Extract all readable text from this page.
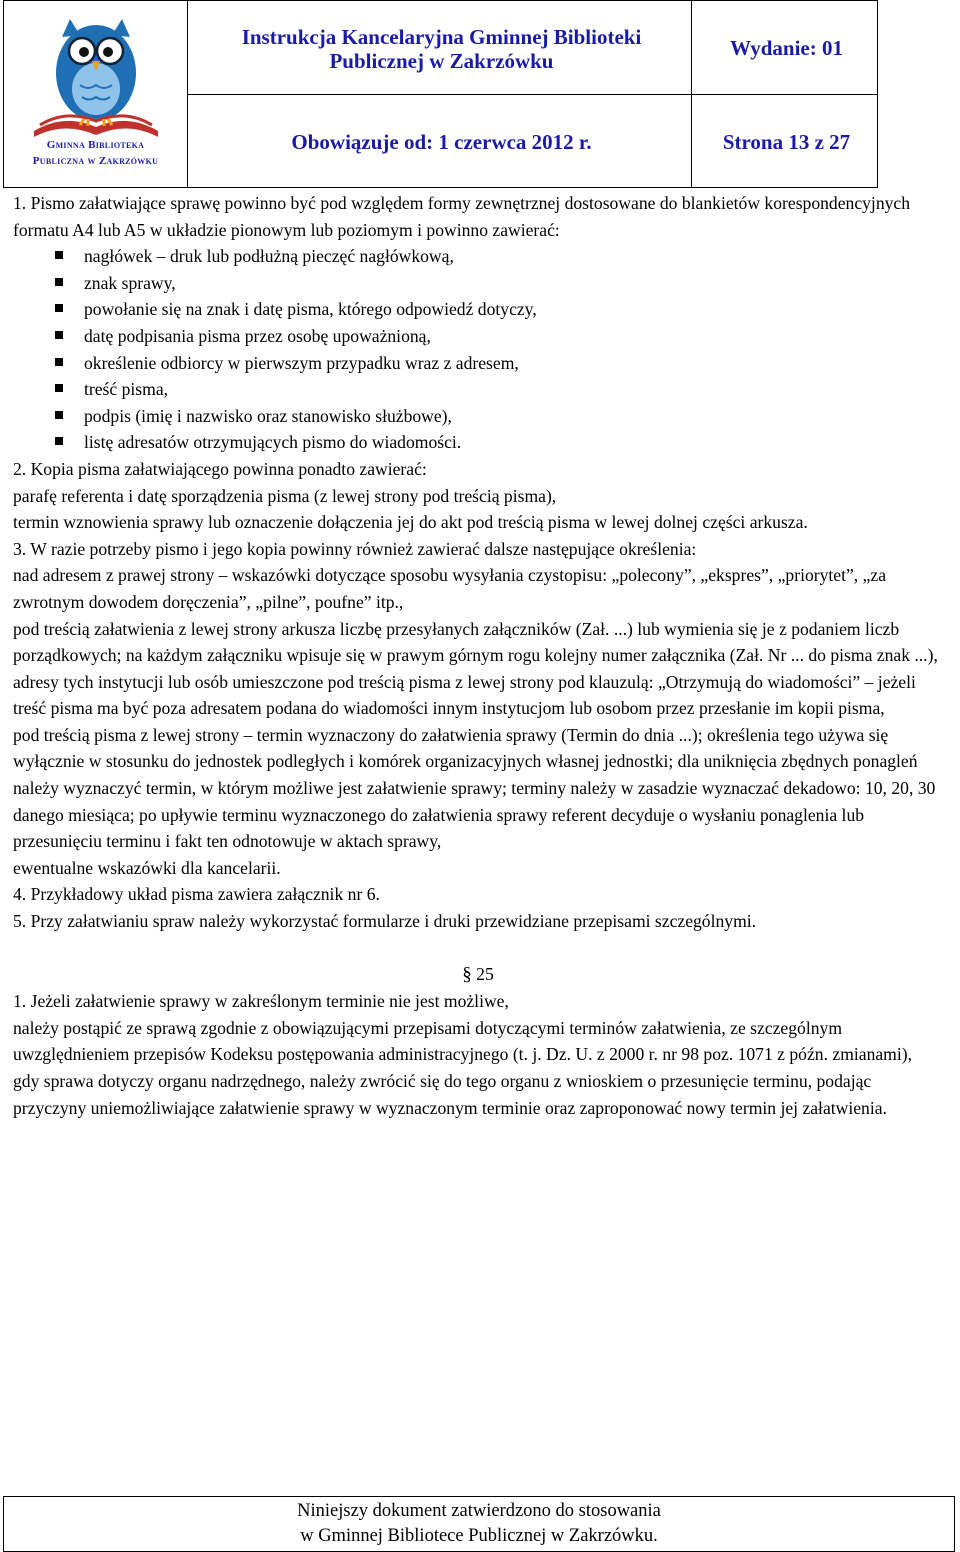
Gminna Biblioteka
Publiczna w Zakrzówku
Instrukcja Kancelaryjna Gminnej Biblioteki
Publicznej w Zakrzówku
Wydanie: 01
Obowiązuje od: 1 czerwca 2012 r.	Strona 13 z 27

1. Pismo załatwiające sprawę powinno być pod względem formy zewnętrznej dostosowane do blankietów korespondencyjnych formatu A4 lub A5 w układzie pionowym lub poziomym i powinno zawierać:

nagłówek – druk lub podłużną pieczęć nagłówkową,
znak sprawy,
powołanie się na znak i datę pisma, którego odpowiedź dotyczy,
datę podpisania pisma przez osobę upoważnioną,
określenie odbiorcy w pierwszym przypadku wraz z adresem,
treść pisma,
podpis (imię i nazwisko oraz stanowisko służbowe),
listę adresatów otrzymujących pismo do wiadomości.

2. Kopia pisma załatwiającego powinna ponadto zawierać:

parafę referenta i datę sporządzenia pisma (z lewej strony pod treścią pisma),

termin wznowienia sprawy lub oznaczenie dołączenia jej do akt pod treścią pisma w lewej dolnej części arkusza.

3. W razie potrzeby pismo i jego kopia powinny również zawierać dalsze następujące określenia:

nad adresem z prawej strony – wskazówki dotyczące sposobu wysyłania czystopisu: „polecony”, „ekspres”, „priorytet”, „za zwrotnym dowodem doręczenia”, „pilne”, poufne” itp.,

pod treścią załatwienia z lewej strony arkusza liczbę przesyłanych załączników (Zał. ...) lub wymienia się je z podaniem liczb porządkowych; na każdym załączniku wpisuje się w prawym górnym rogu kolejny numer załącznika (Zał. Nr ... do pisma znak ...),

adresy tych instytucji lub osób umieszczone pod treścią pisma z lewej strony pod klauzulą: „Otrzymują do wiadomości” – jeżeli treść pisma ma być poza adresatem podana do wiadomości innym instytucjom lub osobom przez przesłanie im kopii pisma,

pod treścią pisma z lewej strony – termin wyznaczony do załatwienia sprawy (Termin do dnia ...); określenia tego używa się wyłącznie w stosunku do jednostek podległych i komórek organizacyjnych własnej jednostki; dla uniknięcia zbędnych ponagleń należy wyznaczyć termin, w którym możliwe jest załatwienie sprawy; terminy należy w zasadzie wyznaczać dekadowo: 10, 20, 30 danego miesiąca; po upływie terminu wyznaczonego do załatwienia sprawy referent decyduje o wysłaniu ponaglenia lub przesunięciu terminu i fakt ten odnotowuje w aktach sprawy,

ewentualne wskazówki dla kancelarii.

4. Przykładowy układ pisma zawiera załącznik nr 6.

5. Przy załatwianiu spraw należy wykorzystać formularze i druki przewidziane przepisami szczególnymi.

§ 25

1. Jeżeli załatwienie sprawy w zakreślonym terminie nie jest możliwe,

należy postąpić ze sprawą zgodnie z obowiązującymi przepisami dotyczącymi terminów załatwienia, ze szczególnym uwzględnieniem przepisów Kodeksu postępowania administracyjnego (t. j. Dz. U. z 2000 r. nr 98 poz. 1071 z późn. zmianami),

gdy sprawa dotyczy organu nadrzędnego, należy zwrócić się do tego organu z wnioskiem o przesunięcie terminu, podając przyczyny uniemożliwiające załatwienie sprawy w wyznaczonym terminie oraz zaproponować nowy termin jej załatwienia.

Niniejszy dokument zatwierdzono do stosowania
w Gminnej Bibliotece Publicznej w Zakrzówku.
